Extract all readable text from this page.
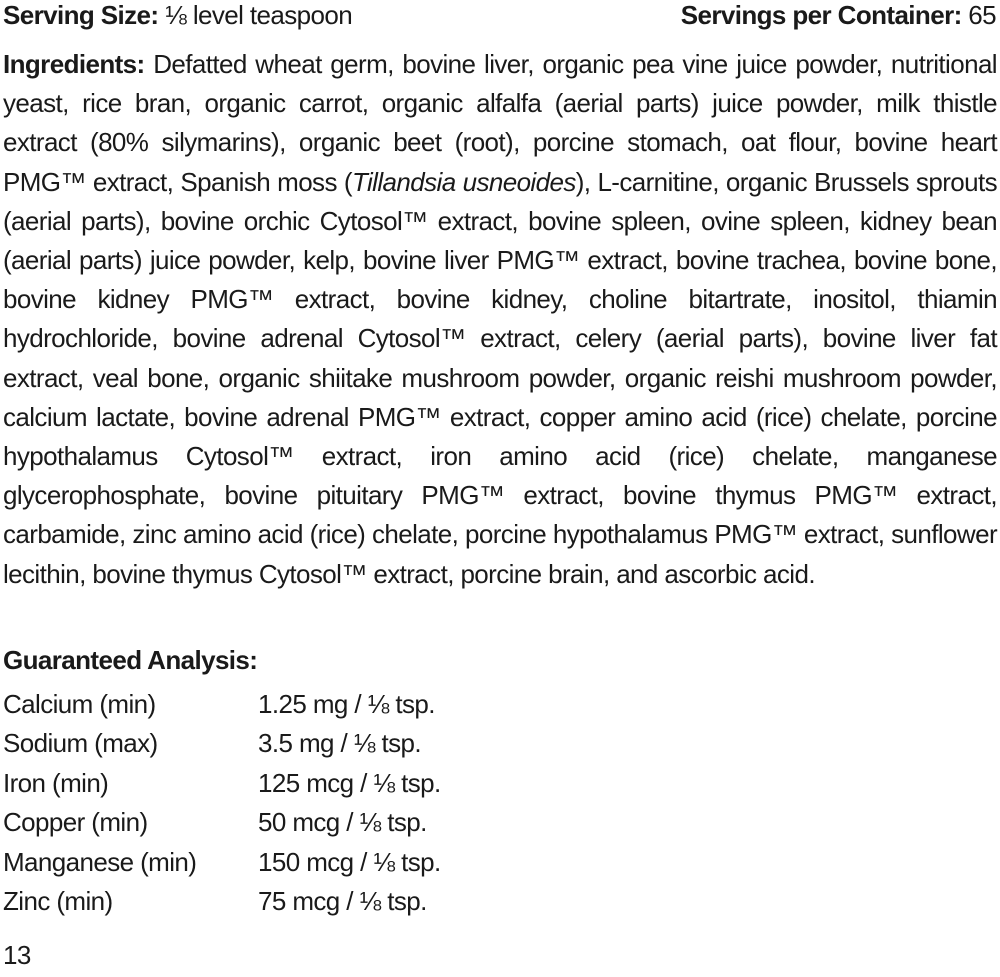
Serving Size: ⅛ level teaspoon	Servings per Container: 65
Ingredients: Defatted wheat germ, bovine liver, organic pea vine juice powder, nutritional yeast, rice bran, organic carrot, organic alfalfa (aerial parts) juice powder, milk thistle extract (80% silymarins), organic beet (root), porcine stomach, oat flour, bovine heart PMG™ extract, Spanish moss (Tillandsia usneoides), L-carnitine, organic Brussels sprouts (aerial parts), bovine orchic Cytosol™ extract, bovine spleen, ovine spleen, kidney bean (aerial parts) juice powder, kelp, bovine liver PMG™ extract, bovine trachea, bovine bone, bovine kidney PMG™ extract, bovine kidney, choline bitartrate, inositol, thiamin hydrochloride, bovine adrenal Cytosol™ extract, celery (aerial parts), bovine liver fat extract, veal bone, organic shiitake mushroom powder, organic reishi mushroom powder, calcium lactate, bovine adrenal PMG™ extract, copper amino acid (rice) chelate, porcine hypothalamus Cytosol™ extract, iron amino acid (rice) chelate, manganese glycerophosphate, bovine pituitary PMG™ extract, bovine thymus PMG™ extract, carbamide, zinc amino acid (rice) chelate, porcine hypothalamus PMG™ extract, sunflower lecithin, bovine thymus Cytosol™ extract, porcine brain, and ascorbic acid.
Guaranteed Analysis:
Calcium (min)	1.25 mg / ⅛ tsp.
Sodium (max)	3.5 mg / ⅛ tsp.
Iron (min)	125 mcg / ⅛ tsp.
Copper (min)	50 mcg / ⅛ tsp.
Manganese (min)	150 mcg / ⅛ tsp.
Zinc (min)	75 mcg / ⅛ tsp.
13
